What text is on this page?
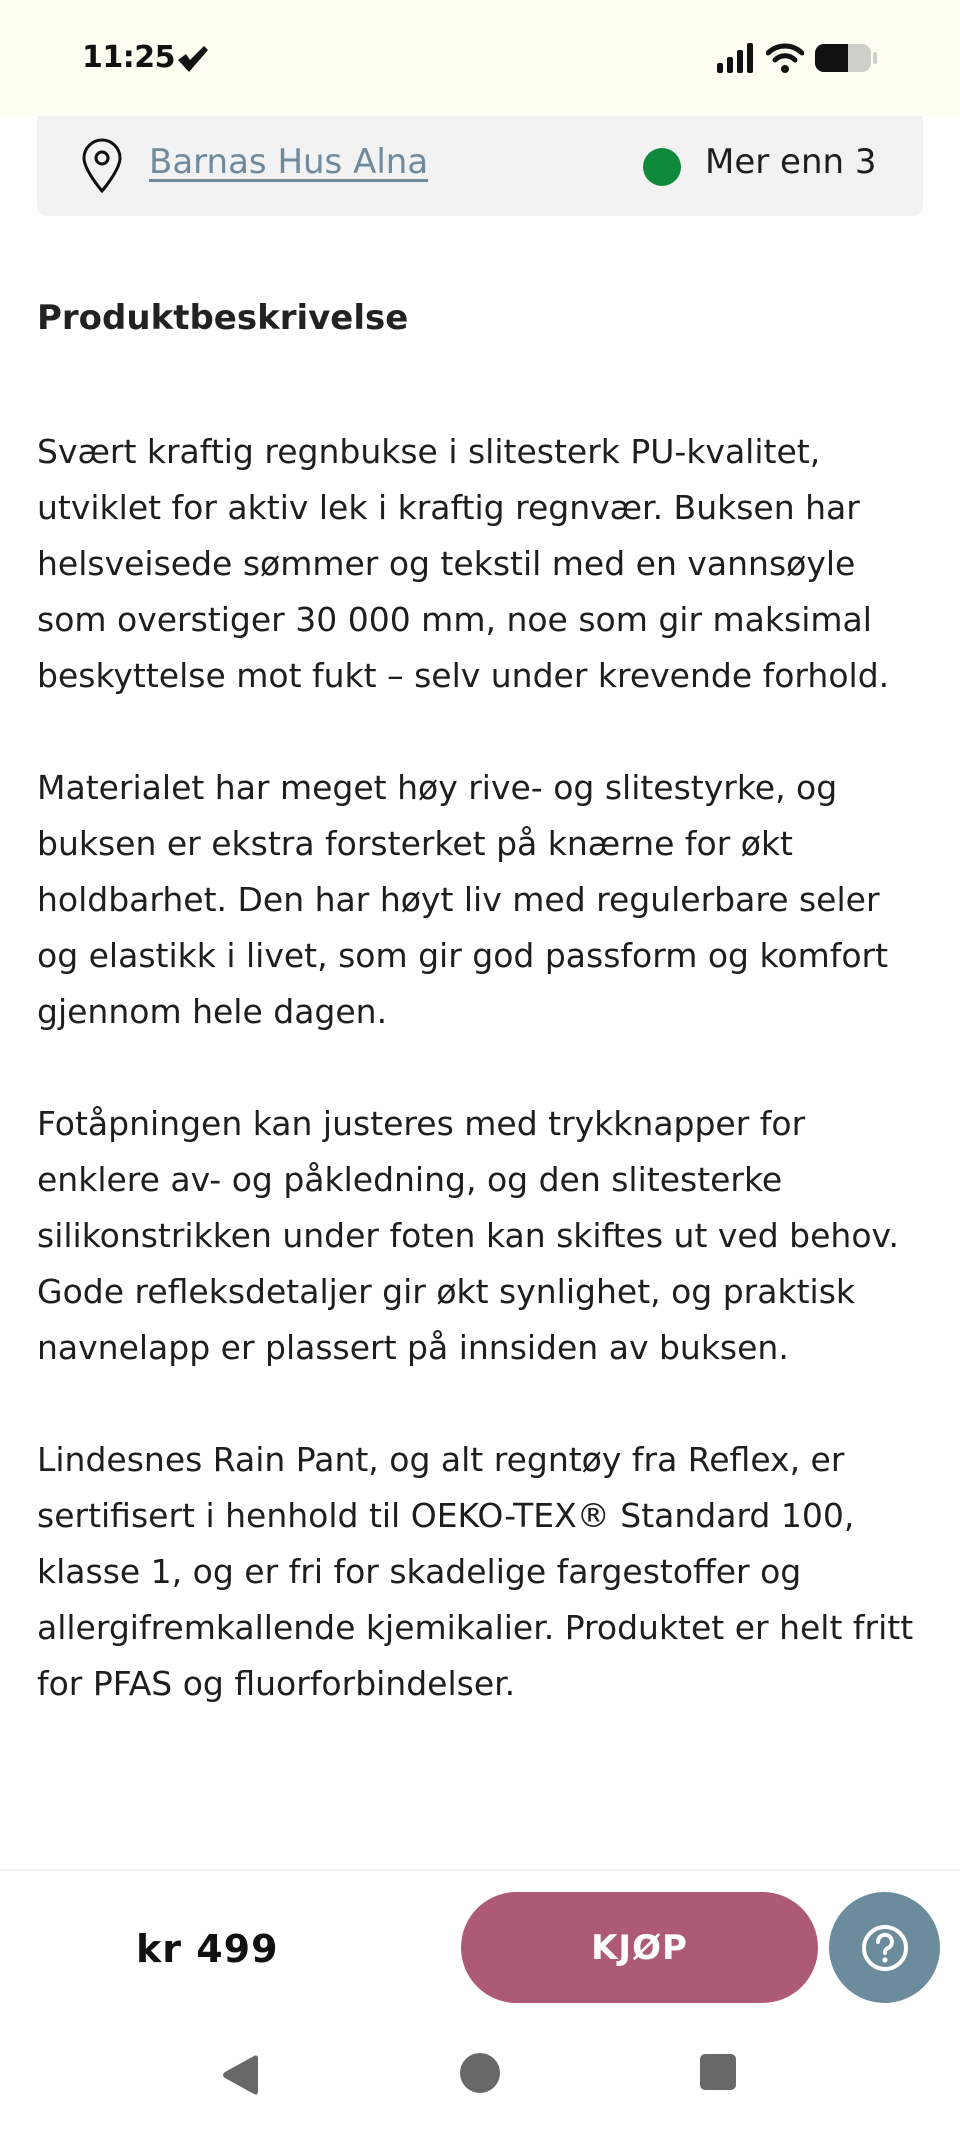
11:25
Barnas Hus Alna	Mer enn 3
Produktbeskrivelse

Svært kraftig regnbukse i slitesterk PU-kvalitet, utviklet for aktiv lek i kraftig regnvær. Buksen har helsveisede sømmer og tekstil med en vannsøyle som overstiger 30 000 mm, noe som gir maksimal beskyttelse mot fukt – selv under krevende forhold.

Materialet har meget høy rive- og slitestyrke, og buksen er ekstra forsterket på knærne for økt holdbarhet. Den har høyt liv med regulerbare seler og elastikk i livet, som gir god passform og komfort gjennom hele dagen.

Fotåpningen kan justeres med trykknapper for enklere av- og påkledning, og den slitesterke silikonstrikken under foten kan skiftes ut ved behov. Gode refleksdetaljer gir økt synlighet, og praktisk navnelapp er plassert på innsiden av buksen.

Lindesnes Rain Pant, og alt regntøy fra Reflex, er sertifisert i henhold til OEKO-TEX® Standard 100, klasse 1, og er fri for skadelige fargestoffer og allergifremkallende kjemikalier. Produktet er helt fritt for PFAS og fluorforbindelser.

kr 499	KJØP
